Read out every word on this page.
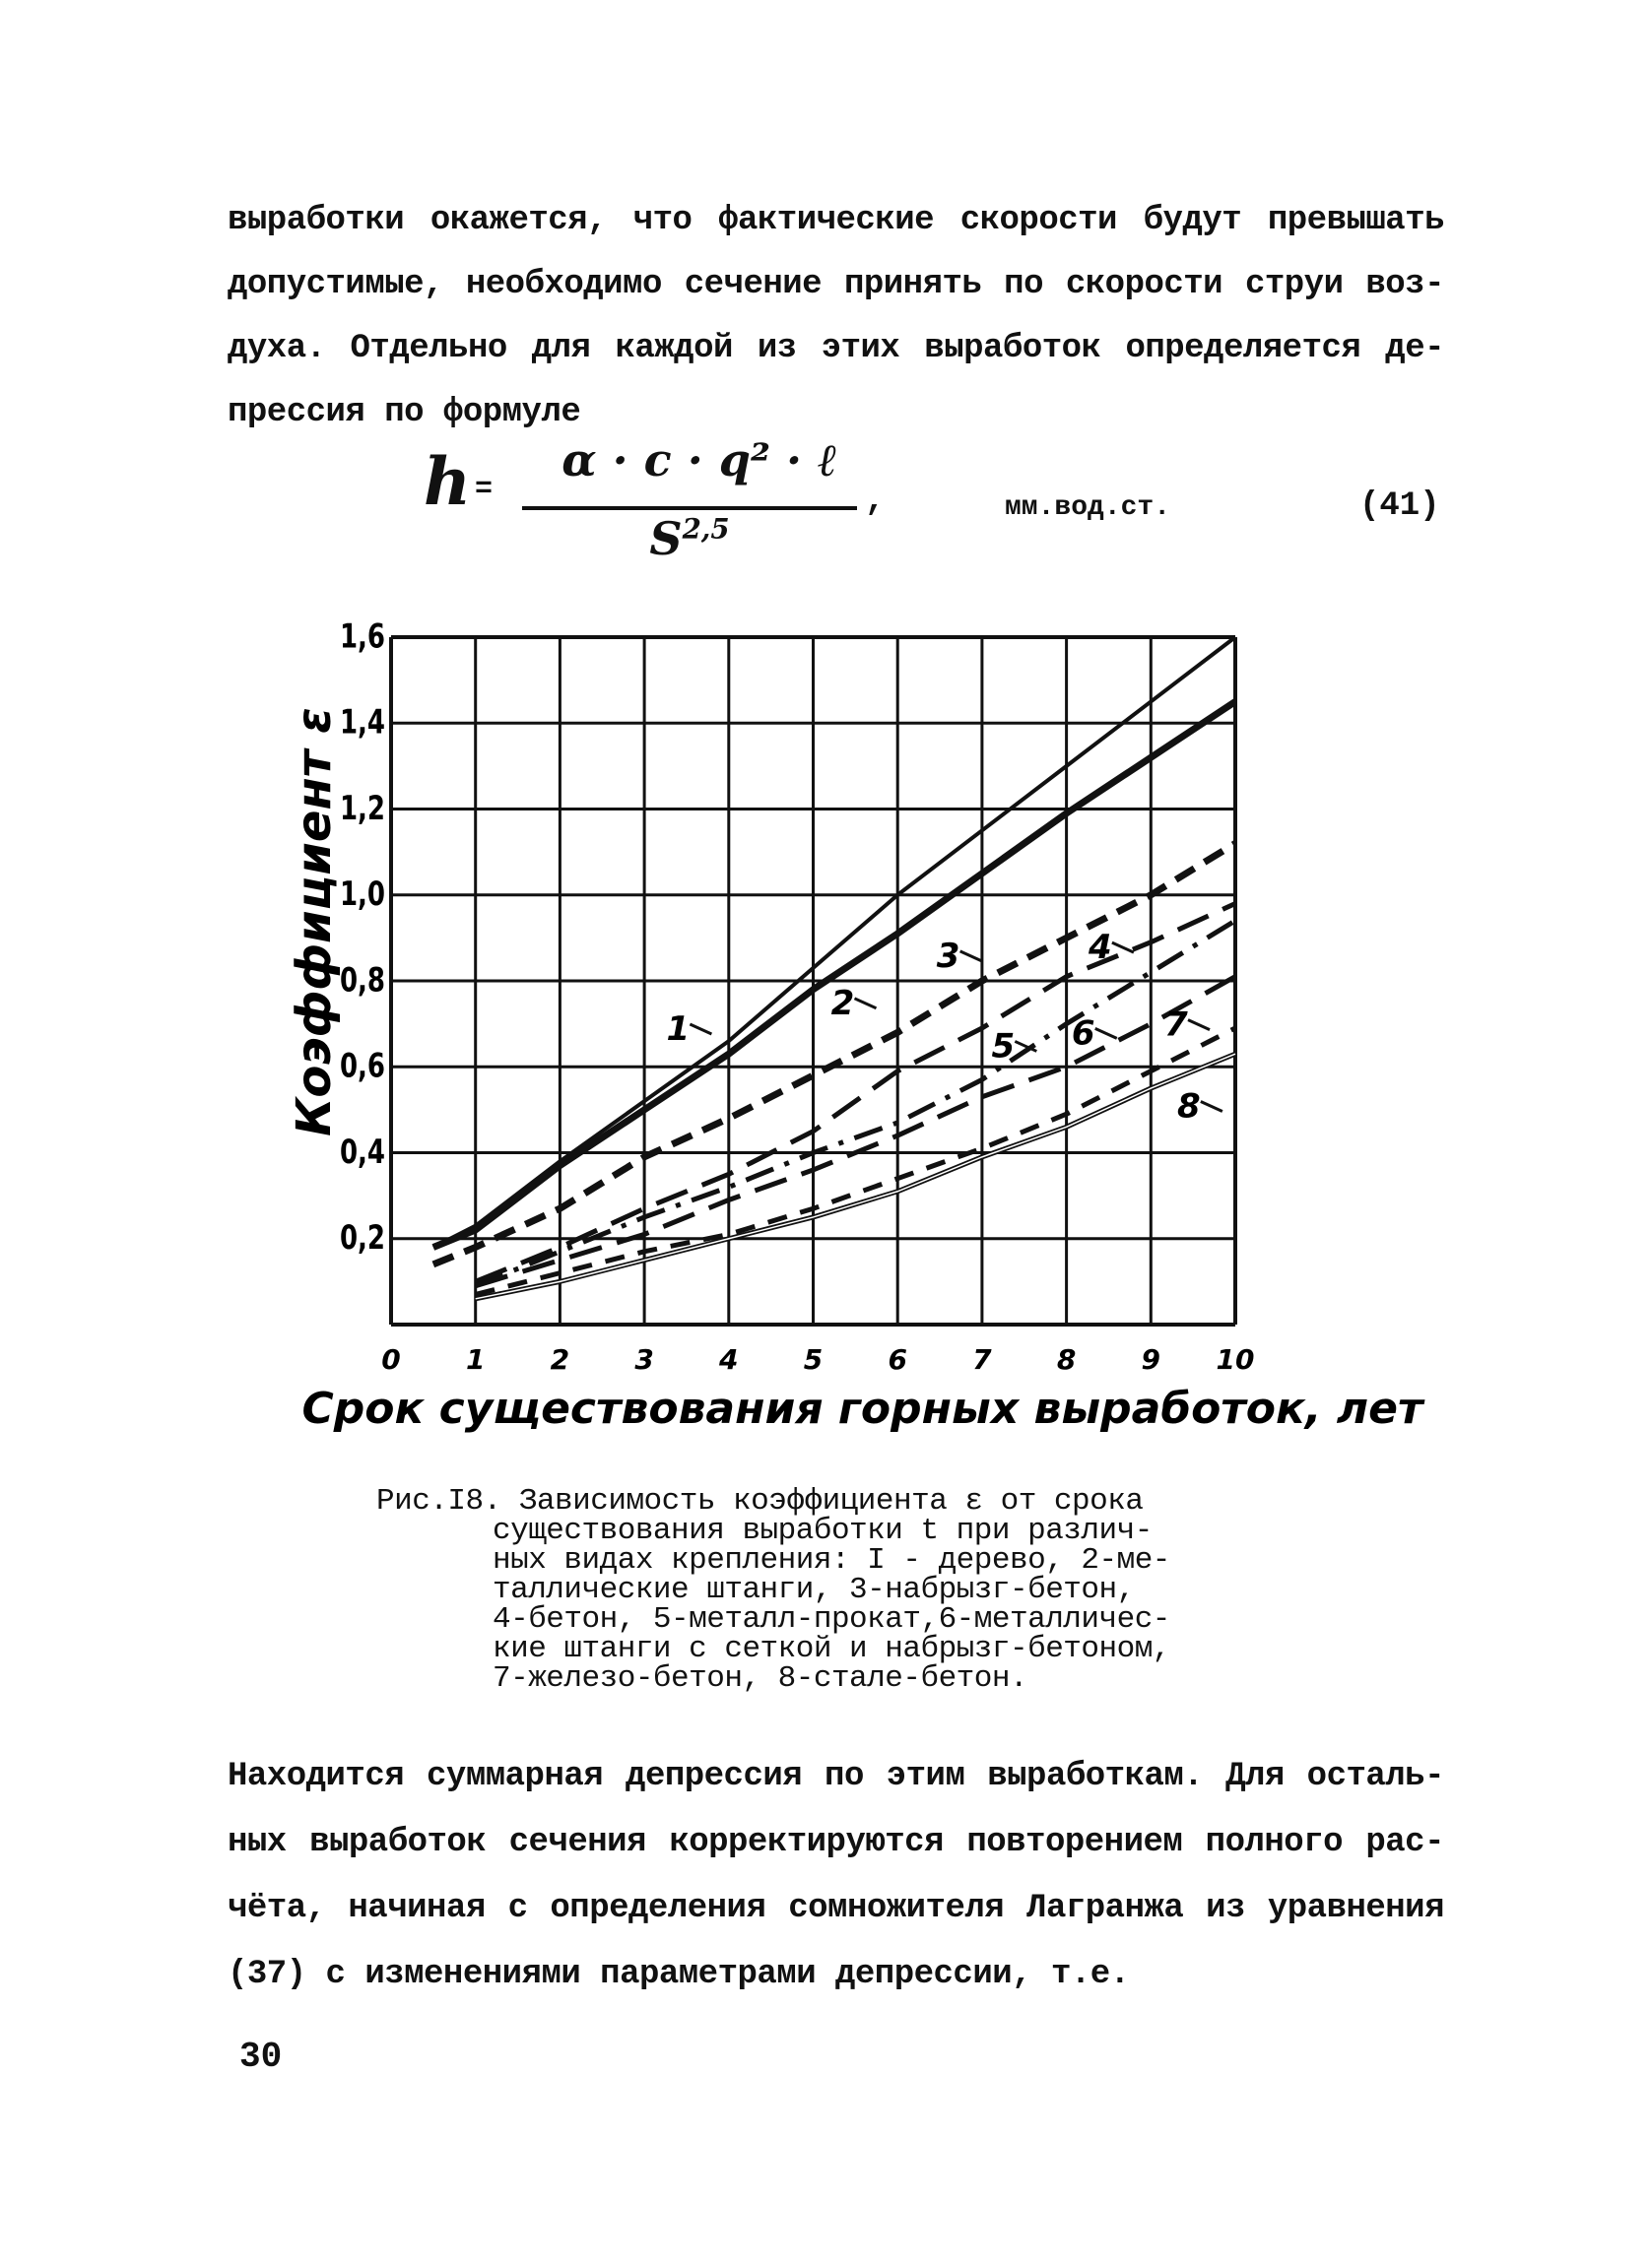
выработки окажется, что фактические скорости будут превышать
допустимые, необходимо сечение принять по скорости струи воз-
духа. Отдельно для каждой из этих выработок определяется де-
прессия по формуле
h =
α · c · q² · ℓ
S$^{2,5}$
,	мм.вод.ст.	(41)
0 1 2 3 4 5 6 7 8 9 10
0,2
0,4
0,6
0,8
1,0
1,2
1,4
1,6
Срок существования горных выработок, лет
Коэффициент ε	1
2
3	4
5 6 7
8
Рис.I8. Зависимость коэффициента ε от срока
существования выработки t при различ-
ных видах крепления: I - дерево, 2-ме-
таллические штанги, 3-набрызг-бетон,
4-бетон, 5-металл-прокат,6-металличес-
кие штанги с сеткой и набрызг-бетоном,
7-железо-бетон, 8-стале-бетон.
Находится суммарная депрессия по этим выработкам. Для осталь-
ных выработок сечения корректируются повторением полного рас-
чёта, начиная с определения сомножителя Лагранжа из уравнения
(37) с изменениями параметрами депрессии, т.е.
30
